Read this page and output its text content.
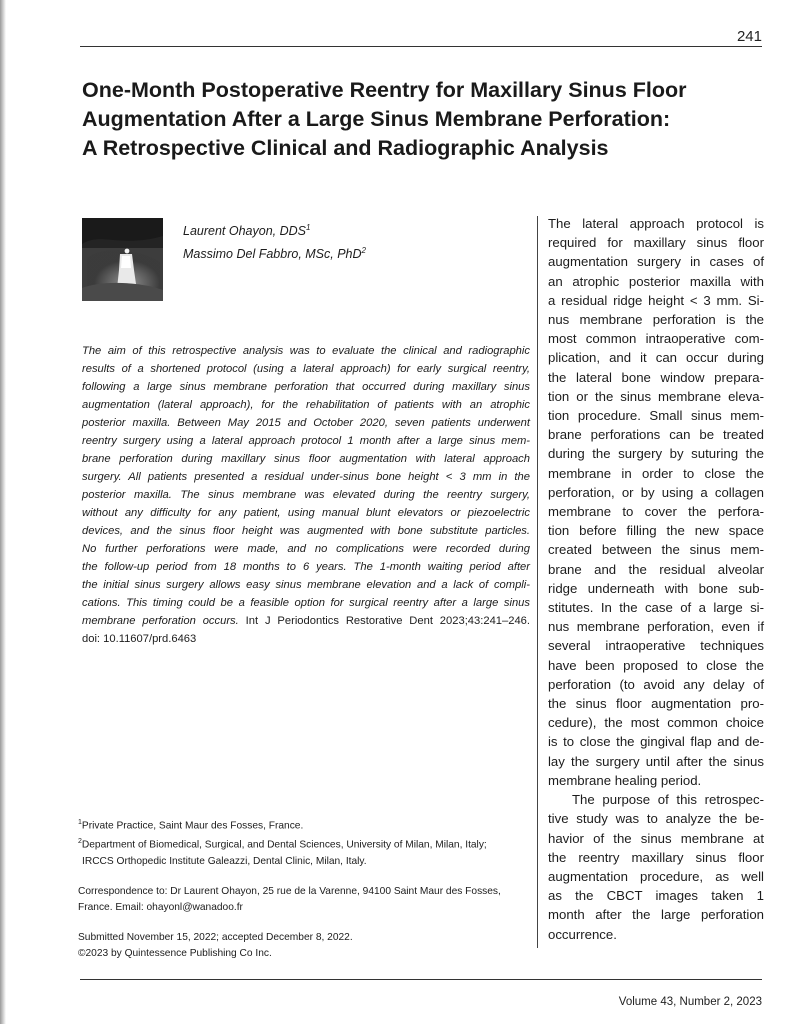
241
One-Month Postoperative Reentry for Maxillary Sinus Floor
Augmentation After a Large Sinus Membrane Perforation:
A Retrospective Clinical and Radiographic Analysis
Laurent Ohayon, DDS$^1$
Massimo Del Fabbro, MSc, PhD$^2$
The aim of this retrospective analysis was to evaluate the clinical and radiographic
results of a shortened protocol (using a lateral approach) for early surgical reentry,
following a large sinus membrane perforation that occurred during maxillary sinus
augmentation (lateral approach), for the rehabilitation of patients with an atrophic
posterior maxilla. Between May 2015 and October 2020, seven patients underwent
reentry surgery using a lateral approach protocol 1 month after a large sinus mem-
brane perforation during maxillary sinus floor augmentation with lateral approach
surgery. All patients presented a residual under-sinus bone height < 3 mm in the
posterior maxilla. The sinus membrane was elevated during the reentry surgery,
without any difficulty for any patient, using manual blunt elevators or piezoelectric
devices, and the sinus floor height was augmented with bone substitute particles.
No further perforations were made, and no complications were recorded during
the follow-up period from 18 months to 6 years. The 1-month waiting period after
the initial sinus surgery allows easy sinus membrane elevation and a lack of compli-
cations. This timing could be a feasible option for surgical reentry after a large sinus
membrane perforation occurs. Int J Periodontics Restorative Dent 2023;43:241–246.
doi: 10.11607/prd.6463
$^1$Private Practice, Saint Maur des Fosses, France.
$^2$Department of Biomedical, Surgical, and Dental Sciences, University of Milan, Milan, Italy;
IRCCS Orthopedic Institute Galeazzi, Dental Clinic, Milan, Italy.
Correspondence to: Dr Laurent Ohayon, 25 rue de la Varenne, 94100 Saint Maur des Fosses,
France. Email: ohayonl@wanadoo.fr
Submitted November 15, 2022; accepted December 8, 2022.
©2023 by Quintessence Publishing Co Inc.
The lateral approach protocol is
required for maxillary sinus floor
augmentation surgery in cases of
an atrophic posterior maxilla with
a residual ridge height < 3 mm. Si-
nus membrane perforation is the
most common intraoperative com-
plication, and it can occur during
the lateral bone window prepara-
tion or the sinus membrane eleva-
tion procedure. Small sinus mem-
brane perforations can be treated
during the surgery by suturing the
membrane in order to close the
perforation, or by using a collagen
membrane to cover the perfora-
tion before filling the new space
created between the sinus mem-
brane and the residual alveolar
ridge underneath with bone sub-
stitutes. In the case of a large si-
nus membrane perforation, even if
several intraoperative techniques
have been proposed to close the
perforation (to avoid any delay of
the sinus floor augmentation pro-
cedure), the most common choice
is to close the gingival flap and de-
lay the surgery until after the sinus
membrane healing period.
The purpose of this retrospec-
tive study was to analyze the be-
havior of the sinus membrane at
the reentry maxillary sinus floor
augmentation procedure, as well
as the CBCT images taken 1
month after the large perforation
occurrence.
Volume 43, Number 2, 2023
